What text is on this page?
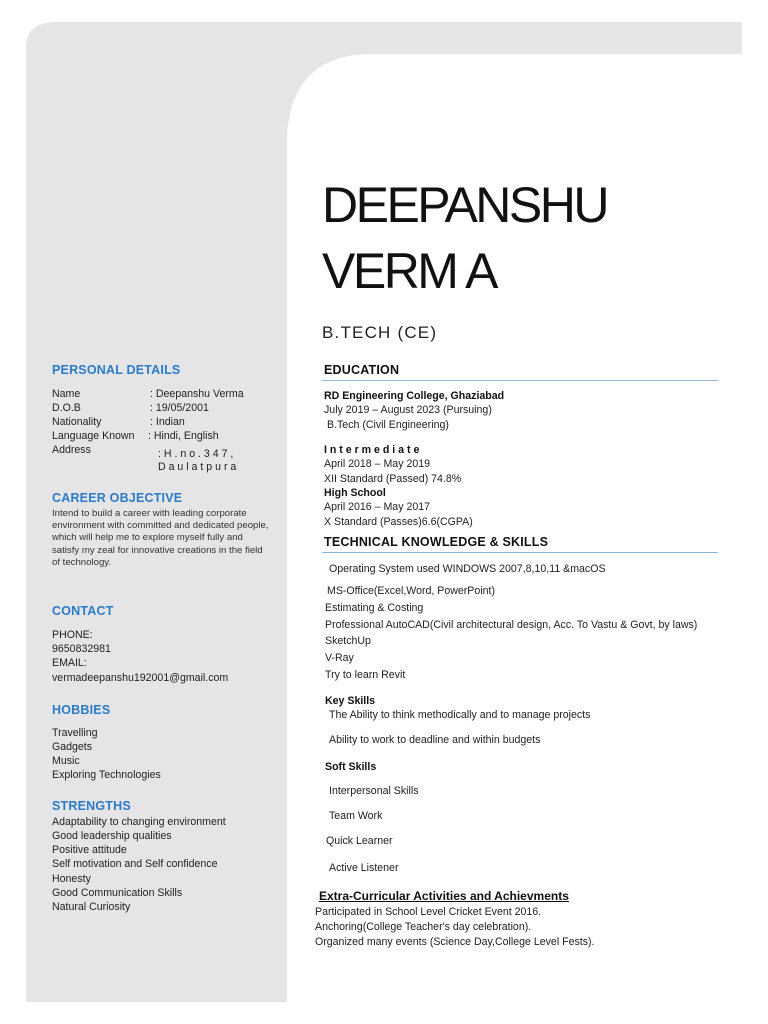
PERSONAL DETAILS
Name	: Deepanshu Verma
D.O.B	: 19/05/2001
Nationality	: Indian
Language Known : Hindi, English
Address	: H . n o . 3 4 7 ,
D a u l a t p u r a
CAREER OBJECTIVE
Intend to build a career with leading corporate environment with committed and dedicated people, which will help me to explore myself fully and satisfy my zeal for innovative creations in the field of technology.
CONTACT
PHONE:
9650832981
EMAIL:
vermadeepanshu192001@gmail.com
HOBBIES
Travelling
Gadgets
Music
Exploring Technologies
STRENGTHS
Adaptability to changing environment
Good leadership qualities
Positive attitude
Self motivation and Self confidence
Honesty
Good Communication Skills
Natural Curiosity
DEEPANSHU
VERM A
B.TECH (CE)
EDUCATION
RD Engineering College, Ghaziabad
July 2019 – August 2023 (Pursuing)
B.Tech (Civil Engineering)
I n t e r m e d i a t e
April 2018 – May 2019
XII Standard (Passed) 74.8%
High School
April 2016 – May 2017
X Standard (Passes)6.6(CGPA)
TECHNICAL KNOWLEDGE & SKILLS
Operating System used WINDOWS 2007,8,10,11 &macOS
MS-Office(Excel,Word, PowerPoint)
Estimating & Costing
Professional AutoCAD(Civil architectural design, Acc. To Vastu & Govt, by laws)
SketchUp
V-Ray
Try to learn Revit
Key Skills
The Ability to think methodically and to manage projects
Ability to work to deadline and within budgets
Soft Skills
Interpersonal Skills
Team Work
Quick Learner
Active Listener
Extra-Curricular Activities and Achievments
Participated in School Level Cricket Event 2016.
Anchoring(College Teacher's day celebration).
Organized many events (Science Day,College Level Fests).
